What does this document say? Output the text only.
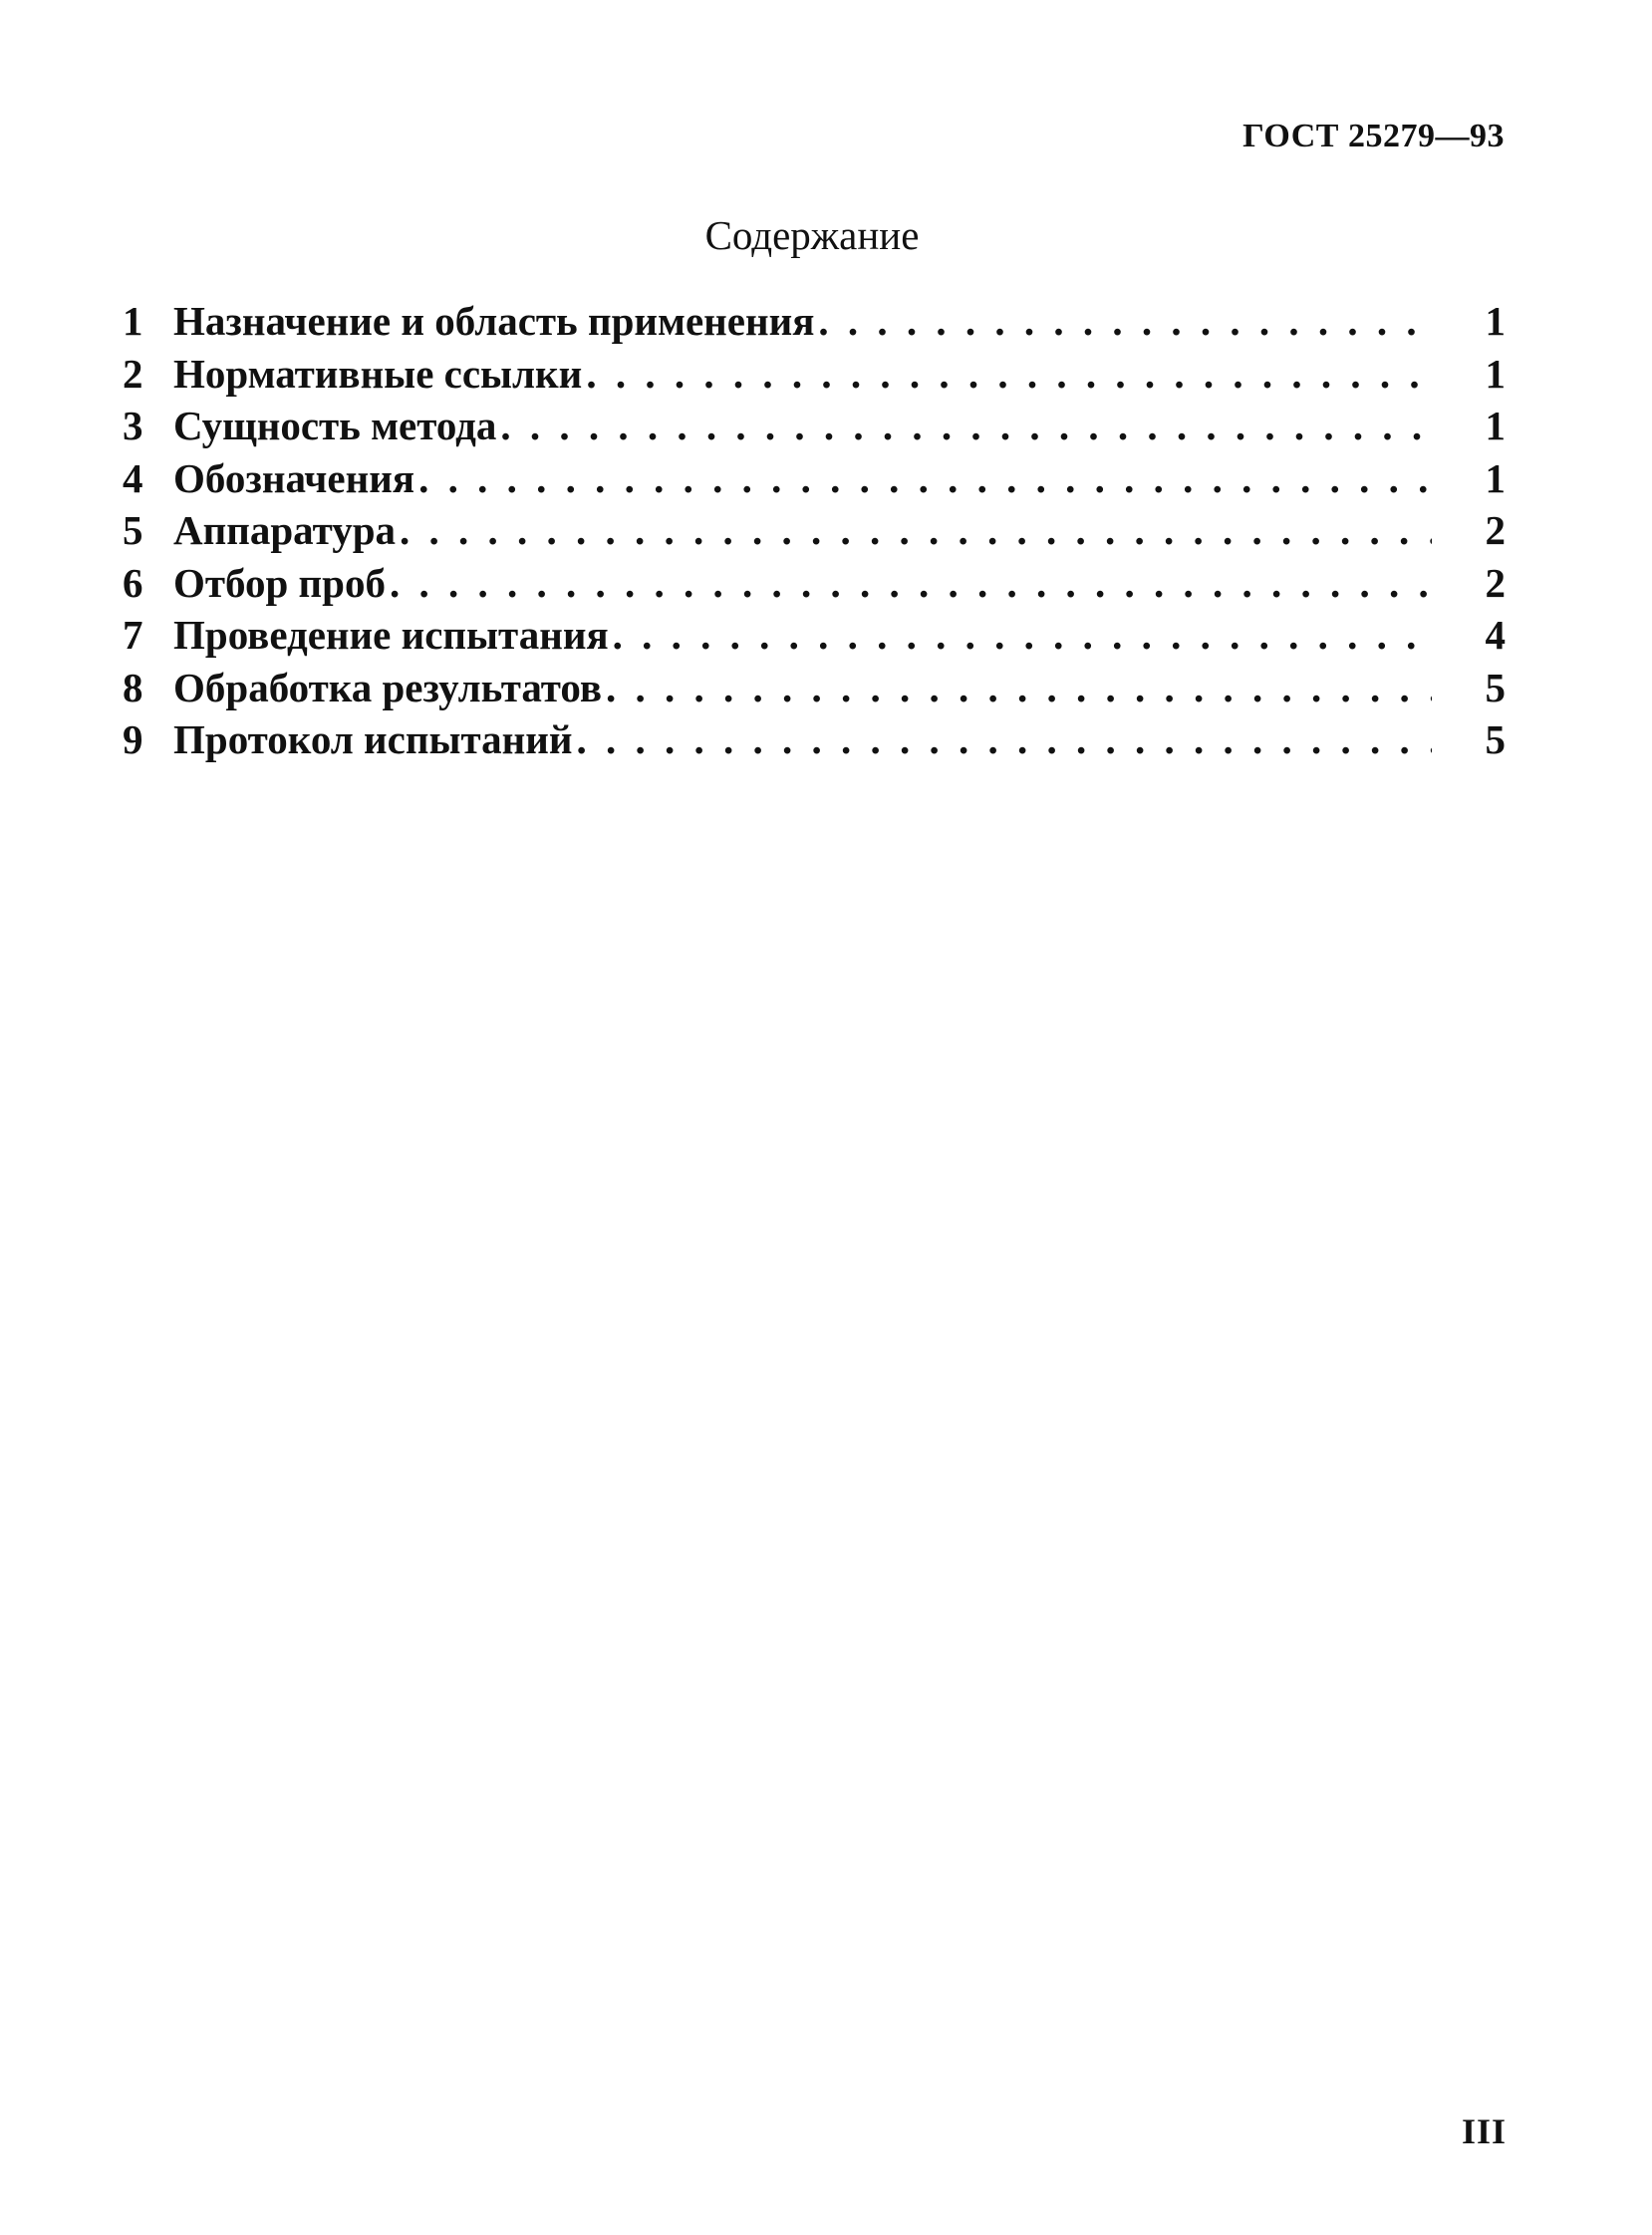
ГОСТ 25279—93
Содержание
1 Назначение и область применения . . .	1
2 Нормативные ссылки . . .	1
3 Сущность метода . . .	1
4 Обозначения . . .	1
5 Аппаратура . . .	2
6 Отбор проб . . .	2
7 Проведение испытания . . .	4
8 Обработка результатов . . .	5
9 Протокол испытаний . . .	5
III
